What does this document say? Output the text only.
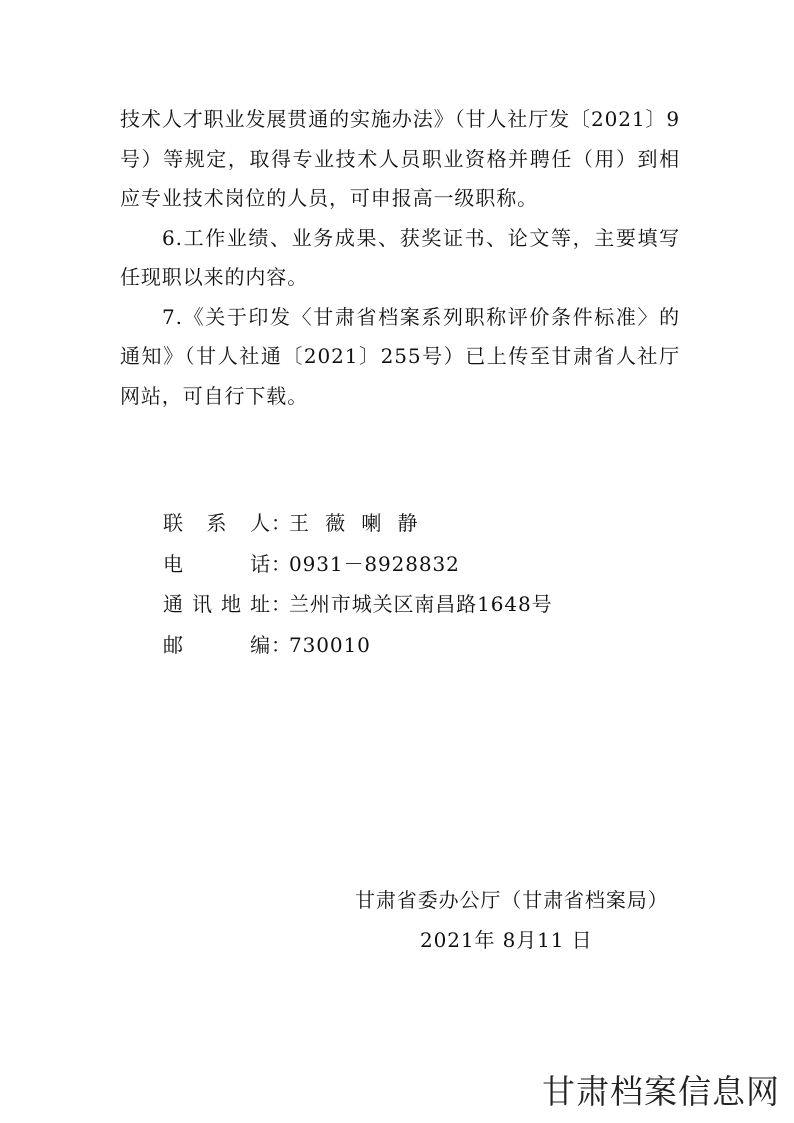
技术人才职业发展贯通的实施办法》（甘人社厅发〔2021〕9号）等规定，取得专业技术人员职业资格并聘任（用）到相应专业技术岗位的人员，可申报高一级职称。

6.工作业绩、业务成果、获奖证书、论文等，主要填写任现职以来的内容。

7.《关于印发〈甘肃省档案系列职称评价条件标准〉的通知》（甘人社通〔2021〕255号）已上传至甘肃省人社厅网站，可自行下载。

联系人 ：
王 薇 喇 静
电话 ：
0931－8928832
通讯地址 ：
兰州市城关区南昌路1648号
邮编 ：
730010
甘肃省委办公厅（甘肃省档案局）
2021年 8月11 日
甘肃档案信息网
